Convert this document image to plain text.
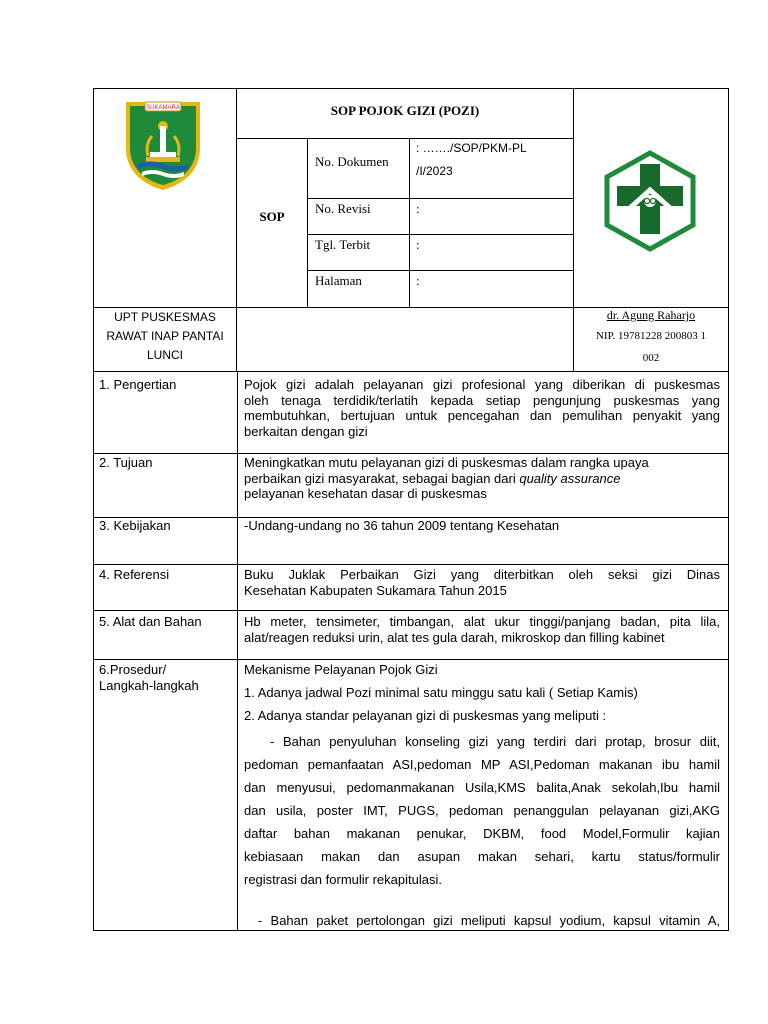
SUKAMARA	SOP POJOK GIZI (POZI)
SOP
No. Dokumen
: ……./SOP/PKM-PL
/I/2023
No. Revisi	:
Tgl. Terbit	:
Halaman	:
UPT PUSKESMAS
RAWAT INAP PANTAI
LUNCI
dr. Agung Raharjo
NIP. 19781228 200803 1
002
1. Pengertian	Pojok gizi adalah pelayanan gizi profesional yang diberikan di puskesmas
oleh tenaga terdidik/terlatih kepada setiap pengunjung puskesmas yang
membutuhkan, bertujuan untuk pencegahan dan pemulihan penyakit yang
berkaitan dengan gizi
2. Tujuan	Meningkatkan mutu pelayanan gizi di puskesmas dalam rangka upaya
perbaikan gizi masyarakat, sebagai bagian dari quality assurance
pelayanan kesehatan dasar di puskesmas
3. Kebijakan	-Undang-undang no 36 tahun 2009 tentang Kesehatan
4. Referensi	Buku Juklak Perbaikan Gizi yang diterbitkan oleh seksi gizi Dinas
Kesehatan Kabupaten Sukamara Tahun 2015
5. Alat dan Bahan	Hb meter, tensimeter, timbangan, alat ukur tinggi/panjang badan, pita lila,
alat/reagen reduksi urin, alat tes gula darah, mikroskop dan filling kabinet
6.Prosedur/
Langkah-langkah
Mekanisme Pelayanan Pojok Gizi
1. Adanya jadwal Pozi minimal satu minggu satu kali ( Setiap Kamis)
2. Adanya standar pelayanan gizi di puskesmas yang meliputi :
- Bahan penyuluhan konseling gizi yang terdiri dari protap, brosur diit,
pedoman pemanfaatan ASI,pedoman MP ASI,Pedoman makanan ibu hamil
dan menyusui, pedomanmakanan Usila,KMS balita,Anak sekolah,Ibu hamil
dan usila, poster IMT, PUGS, pedoman penanggulan pelayanan gizi,AKG
daftar bahan makanan penukar, DKBM, food Model,Formulir kajian
kebiasaan makan dan asupan makan sehari, kartu status/formulir
registrasi dan formulir rekapitulasi.
- Bahan paket pertolongan gizi meliputi kapsul yodium, kapsul vitamin A,
